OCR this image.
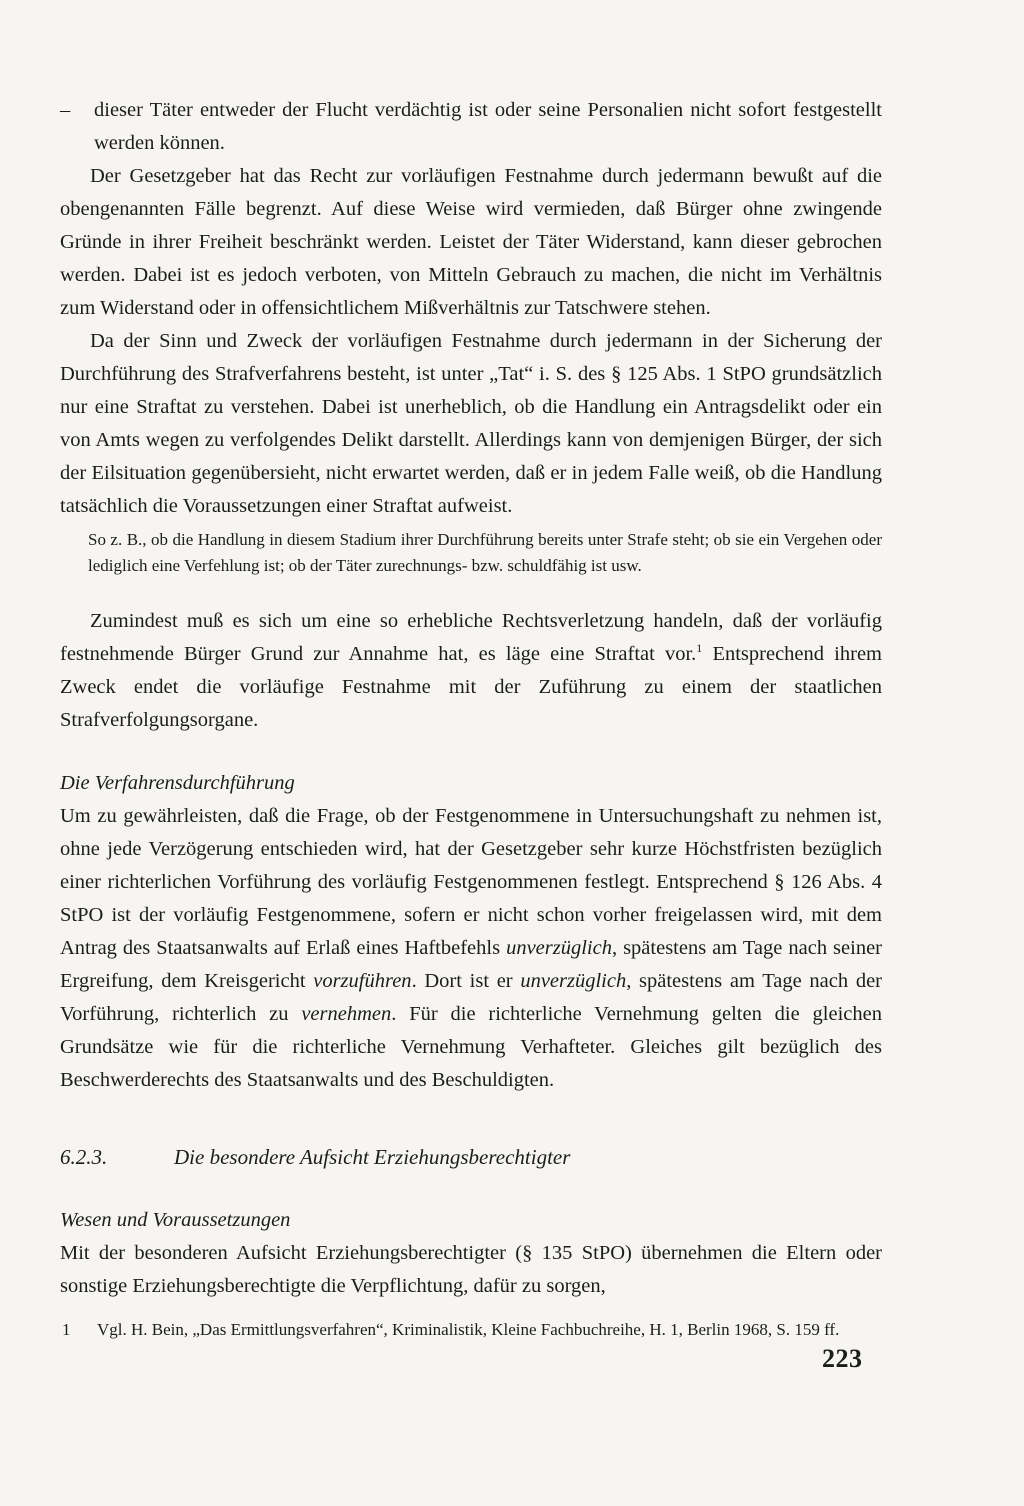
–	dieser Täter entweder der Flucht verdächtig ist oder seine Personalien nicht sofort festgestellt werden können.

Der Gesetzgeber hat das Recht zur vorläufigen Festnahme durch jedermann bewußt auf die obengenannten Fälle begrenzt. Auf diese Weise wird vermieden, daß Bürger ohne zwingende Gründe in ihrer Freiheit beschränkt werden. Leistet der Täter Widerstand, kann dieser gebrochen werden. Dabei ist es jedoch verboten, von Mitteln Gebrauch zu machen, die nicht im Verhältnis zum Widerstand oder in offensichtlichem Mißverhältnis zur Tatschwere stehen.

Da der Sinn und Zweck der vorläufigen Festnahme durch jedermann in der Sicherung der Durchführung des Strafverfahrens besteht, ist unter „Tat“ i. S. des § 125 Abs. 1 StPO grundsätzlich nur eine Straftat zu verstehen. Dabei ist unerheblich, ob die Handlung ein Antragsdelikt oder ein von Amts wegen zu verfolgendes Delikt darstellt. Allerdings kann von demjenigen Bürger, der sich der Eilsituation gegenübersieht, nicht erwartet werden, daß er in jedem Falle weiß, ob die Handlung tatsächlich die Voraussetzungen einer Straftat aufweist.

So z. B., ob die Handlung in diesem Stadium ihrer Durchführung bereits unter Strafe steht; ob sie ein Vergehen oder lediglich eine Verfehlung ist; ob der Täter zurechnungs- bzw. schuldfähig ist usw.

Zumindest muß es sich um eine so erhebliche Rechtsverletzung handeln, daß der vorläufig festnehmende Bürger Grund zur Annahme hat, es läge eine Straftat vor.$^1$ Entsprechend ihrem Zweck endet die vorläufige Festnahme mit der Zuführung zu einem der staatlichen Strafverfolgungsorgane.

Die Verfahrensdurchführung

Um zu gewährleisten, daß die Frage, ob der Festgenommene in Untersuchungshaft zu nehmen ist, ohne jede Verzögerung entschieden wird, hat der Gesetzgeber sehr kurze Höchstfristen bezüglich einer richterlichen Vorführung des vorläufig Festgenommenen festlegt. Entsprechend § 126 Abs. 4 StPO ist der vorläufig Festgenommene, sofern er nicht schon vorher freigelassen wird, mit dem Antrag des Staatsanwalts auf Erlaß eines Haftbefehls unverzüglich, spätestens am Tage nach seiner Ergreifung, dem Kreisgericht vorzuführen. Dort ist er unverzüglich, spätestens am Tage nach der Vorführung, richterlich zu vernehmen. Für die richterliche Vernehmung gelten die gleichen Grundsätze wie für die richterliche Vernehmung Verhafteter. Gleiches gilt bezüglich des Beschwerderechts des Staatsanwalts und des Beschuldigten.

6.2.3.	Die besondere Aufsicht Erziehungsberechtigter

Wesen und Voraussetzungen

Mit der besonderen Aufsicht Erziehungsberechtigter (§ 135 StPO) übernehmen die Eltern oder sonstige Erziehungsberechtigte die Verpflichtung, dafür zu sorgen,

1	Vgl. H. Bein, „Das Ermittlungsverfahren“, Kriminalistik, Kleine Fachbuchreihe, H. 1, Berlin 1968, S. 159 ff.
223
